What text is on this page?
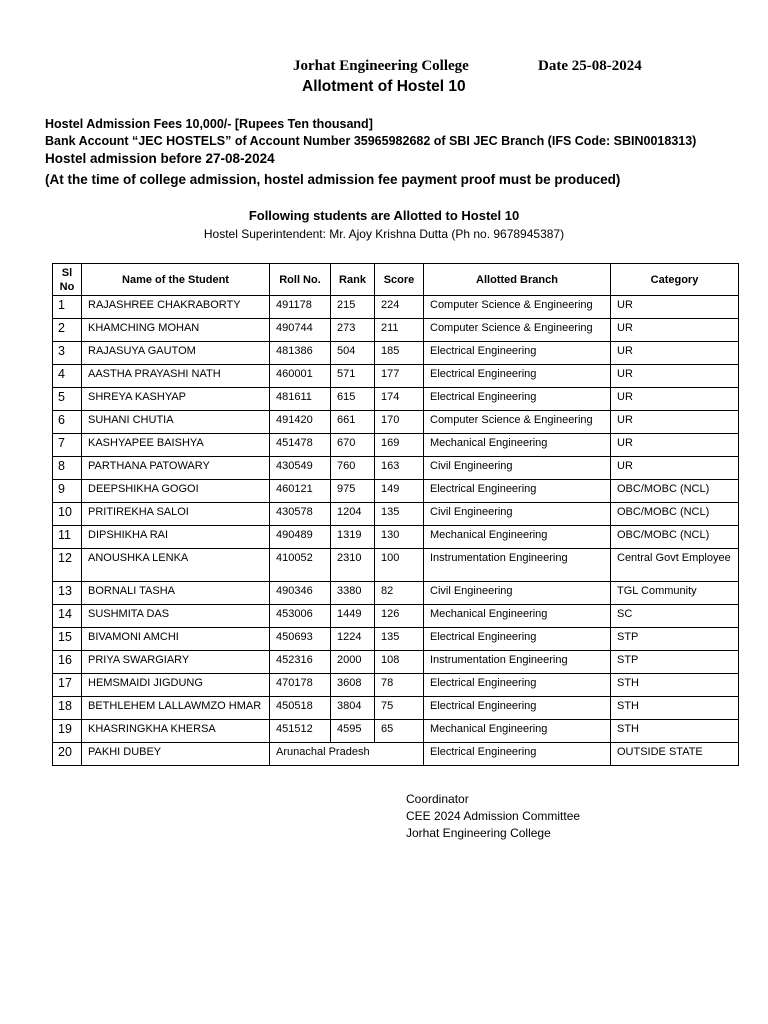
Jorhat Engineering College	Date 25-08-2024
Allotment of Hostel 10
Hostel Admission Fees 10,000/- [Rupees Ten thousand]
Bank Account “JEC HOSTELS” of Account Number 35965982682 of SBI JEC Branch (IFS Code: SBIN0018313)
Hostel admission before 27-08-2024
(At the time of college admission, hostel admission fee payment proof must be produced)
Following students are Allotted to Hostel 10
Hostel Superintendent: Mr. Ajoy Krishna Dutta (Ph no. 9678945387)
Sl
No	Name of the Student	Roll No.	Rank	Score	Allotted Branch	Category
1	RAJASHREE CHAKRABORTY	491178	215	224	Computer Science & Engineering	UR
2	KHAMCHING MOHAN	490744	273	211	Computer Science & Engineering	UR
3	RAJASUYA GAUTOM	481386	504	185	Electrical Engineering	UR
4	AASTHA PRAYASHI NATH	460001	571	177	Electrical Engineering	UR
5	SHREYA KASHYAP	481611	615	174	Electrical Engineering	UR
6	SUHANI CHUTIA	491420	661	170	Computer Science & Engineering	UR
7	KASHYAPEE BAISHYA	451478	670	169	Mechanical Engineering	UR
8	PARTHANA PATOWARY	430549	760	163	Civil Engineering	UR
9	DEEPSHIKHA GOGOI	460121	975	149	Electrical Engineering	OBC/MOBC (NCL)
10	PRITIREKHA SALOI	430578	1204	135	Civil Engineering	OBC/MOBC (NCL)
11	DIPSHIKHA RAI	490489	1319	130	Mechanical Engineering	OBC/MOBC (NCL)
12	ANOUSHKA LENKA	410052	2310	100	Instrumentation Engineering	Central Govt Employee
13	BORNALI TASHA	490346	3380	82	Civil Engineering	TGL Community
14	SUSHMITA DAS	453006	1449	126	Mechanical Engineering	SC
15	BIVAMONI AMCHI	450693	1224	135	Electrical Engineering	STP
16	PRIYA SWARGIARY	452316	2000	108	Instrumentation Engineering	STP
17	HEMSMAIDI JIGDUNG	470178	3608	78	Electrical Engineering	STH
18	BETHLEHEM LALLAWMZO HMAR	450518	3804	75	Electrical Engineering	STH
19	KHASRINGKHA KHERSA	451512	4595	65	Mechanical Engineering	STH
20	PAKHI DUBEY	Arunachal Pradesh			Electrical Engineering	OUTSIDE STATE
Coordinator
CEE 2024 Admission Committee
Jorhat Engineering College
